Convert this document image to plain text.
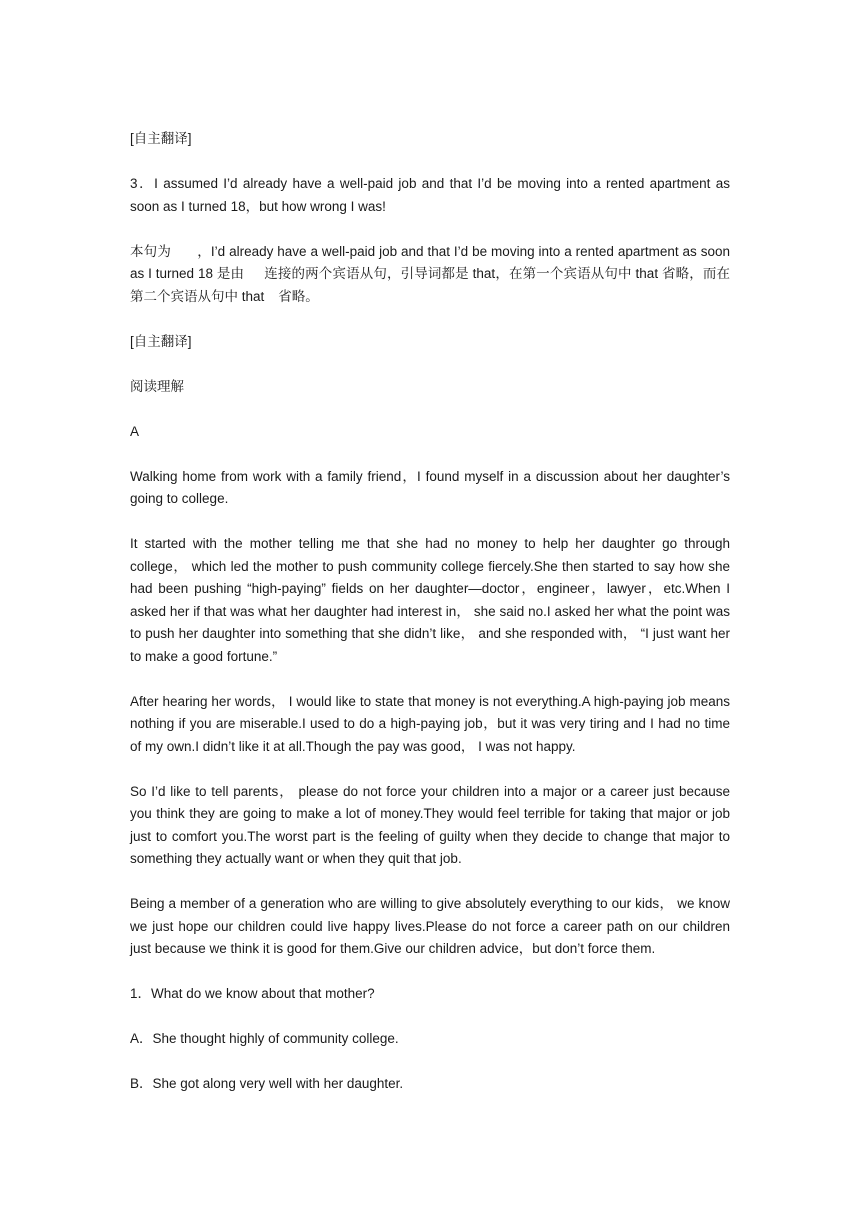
[自主翻译]

3．I assumed I’d already have a well-paid job and that I’d be moving into a rented apartment as soon as I turned 18，but how wrong I was!

本句为 ，I’d already have a well-paid job and that I’d be moving into a rented apartment as soon as I turned 18 是由 连接的两个宾语从句，引导词都是 that，在第一个宾语从句中 that 省略，而在第二个宾语从句中 that 省略。

[自主翻译]

阅读理解

A

Walking home from work with a family friend，I found myself in a discussion about her daughter’s going to college.

It started with the mother telling me that she had no money to help her daughter go through college， which led the mother to push community college fiercely.She then started to say how she had been pushing “high-paying” fields on her daughter—doctor，engineer，lawyer，etc.When I asked her if that was what her daughter had interest in， she said no.I asked her what the point was to push her daughter into something that she didn’t like， and she responded with， “I just want her to make a good fortune.”

After hearing her words， I would like to state that money is not everything.A high-paying job means nothing if you are miserable.I used to do a high-paying job，but it was very tiring and I had no time of my own.I didn’t like it at all.Though the pay was good， I was not happy.

So I’d like to tell parents， please do not force your children into a major or a career just because you think they are going to make a lot of money.They would feel terrible for taking that major or job just to comfort you.The worst part is the feeling of guilty when they decide to change that major to something they actually want or when they quit that job.

Being a member of a generation who are willing to give absolutely everything to our kids， we know we just hope our children could live happy lives.Please do not force a career path on our children just because we think it is good for them.Give our children advice，but don’t force them.

1．What do we know about that mother?

A．She thought highly of community college.

B．She got along very well with her daughter.
